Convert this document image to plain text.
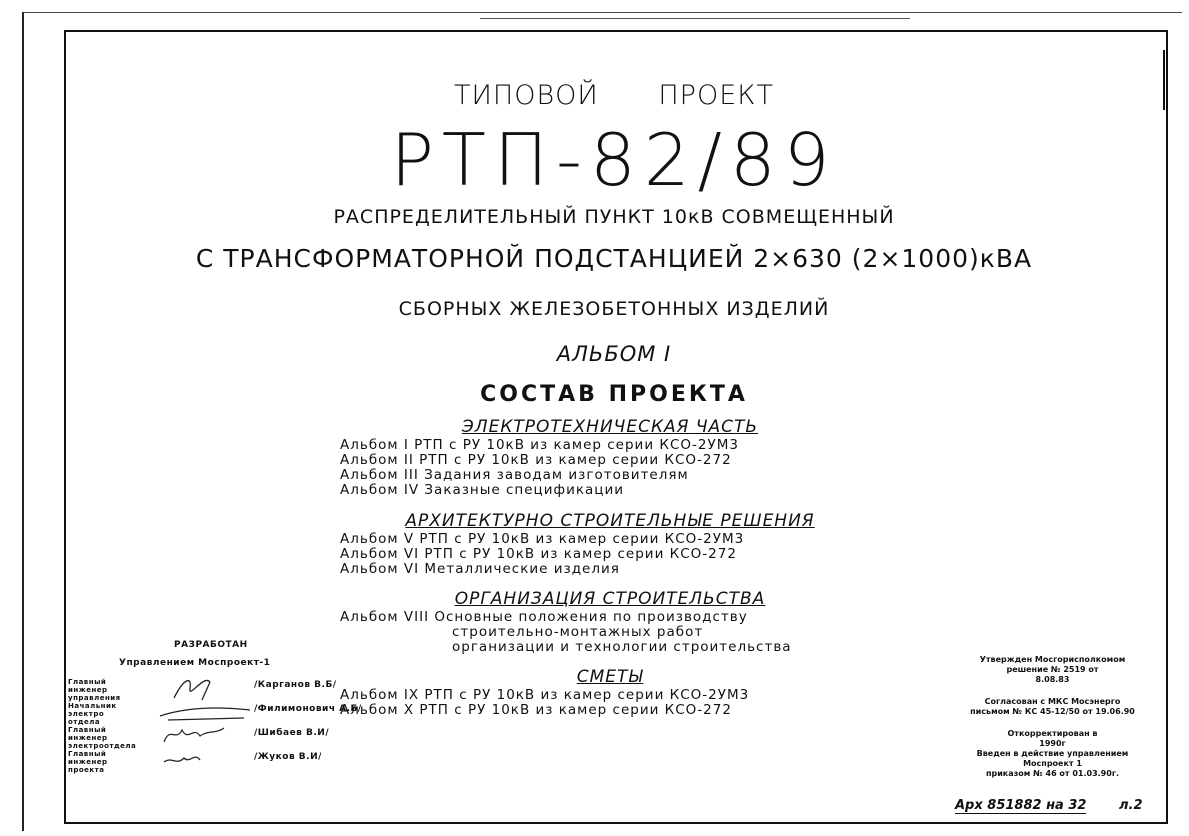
ТИПОВОЙ ПРОЕКТ
РТП-82/89
РАСПРЕДЕЛИТЕЛЬНЫЙ ПУНКТ 10кВ СОВМЕЩЕННЫЙ
С ТРАНСФОРМАТОРНОЙ ПОДСТАНЦИЕЙ 2×630 (2×1000)кВА
СБОРНЫХ ЖЕЛЕЗОБЕТОННЫХ ИЗДЕЛИЙ
АЛЬБОМ I
СОСТАВ ПРОЕКТА
ЭЛЕКТРОТЕХНИЧЕСКАЯ ЧАСТЬ
Альбом I РТП с РУ 10кВ из камер серии КСО-2УМ3
Альбом II РТП с РУ 10кВ из камер серии КСО-272
Альбом III Задания заводам изготовителям
Альбом IV Заказные спецификации
АРХИТЕКТУРНО СТРОИТЕЛЬНЫЕ РЕШЕНИЯ
Альбом V РТП с РУ 10кВ из камер серии КСО-2УМ3
Альбом VI РТП с РУ 10кВ из камер серии КСО-272
Альбом VI Металлические изделия
ОРГАНИЗАЦИЯ СТРОИТЕЛЬСТВА
Альбом VIII Основные положения по производству
строительно-монтажных работ
организации и технологии строительства
СМЕТЫ
Альбом IX РТП с РУ 10кВ из камер серии КСО-2УМ3
Альбом X РТП с РУ 10кВ из камер серии КСО-272
РАЗРАБОТАН
Управлением Моспроект-1
Главный инженер управления
/Карганов В.Б/
Начальник электро отдела
/Филимонович А.Б/
Главный инженер электроотдела
/Шибаев В.И/
Главный инженер проекта
/Жуков В.И/
Утвержден Мосгорисполкомом
решение № 2519 от
8.08.83
Согласован с МКС Мосэнерго
письмом № КС 45-12/50 от 19.06.90
Откорректирован в
1990г
Введен в действие управлением
Моспроект 1
приказом № 46 от 01.03.90г.
Арх 851882 на 32	л.2
